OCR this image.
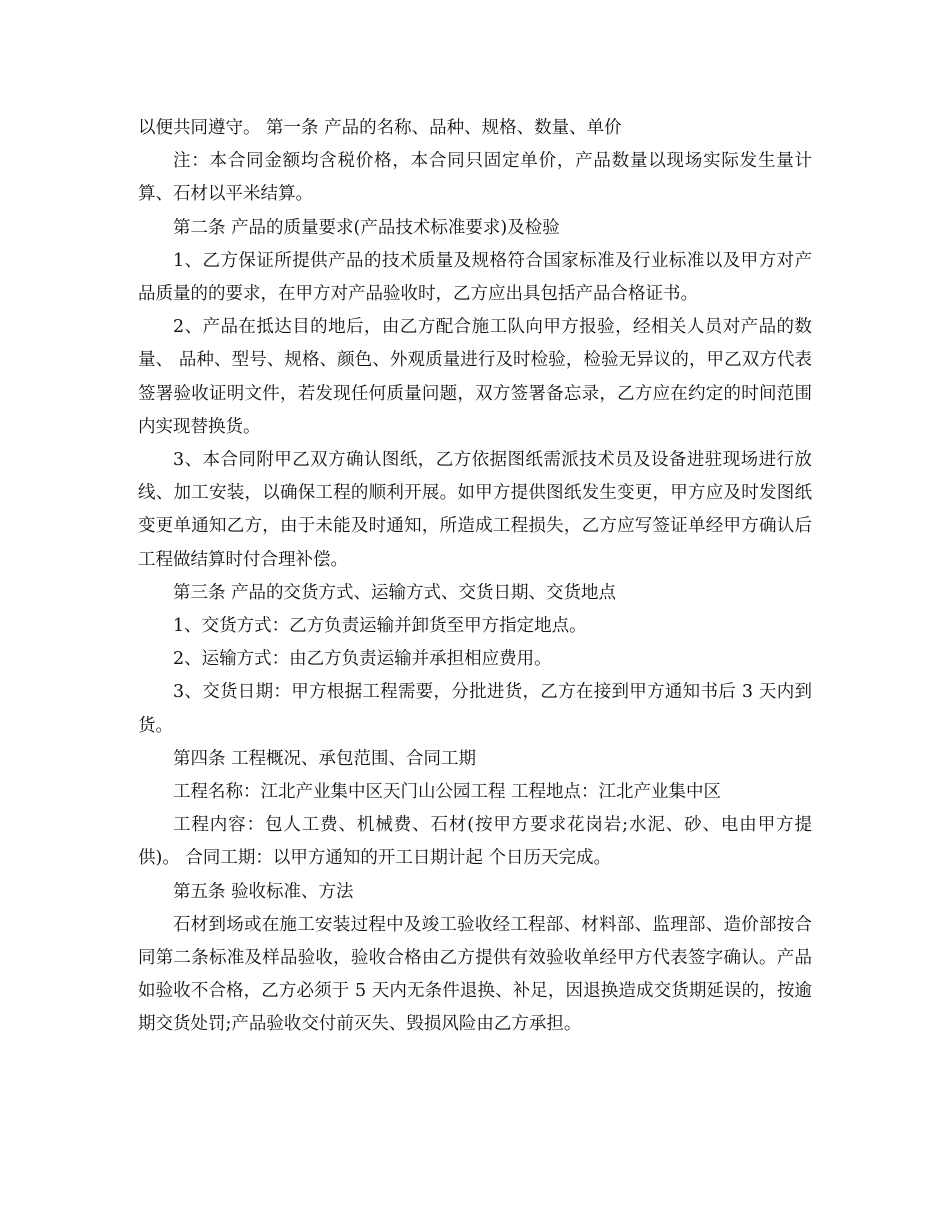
以便共同遵守。 第一条 产品的名称、品种、规格、数量、单价

注：本合同金额均含税价格，本合同只固定单价，产品数量以现场实际发生量计算、石材以平米结算。

第二条 产品的质量要求(产品技术标准要求)及检验

1、乙方保证所提供产品的技术质量及规格符合国家标准及行业标准以及甲方对产品质量的的要求，在甲方对产品验收时，乙方应出具包括产品合格证书。

2、产品在抵达目的地后，由乙方配合施工队向甲方报验，经相关人员对产品的数量、 品种、型号、规格、颜色、外观质量进行及时检验，检验无异议的，甲乙双方代表签署验收证明文件，若发现任何质量问题，双方签署备忘录，乙方应在约定的时间范围内实现替换货。

3、本合同附甲乙双方确认图纸，乙方依据图纸需派技术员及设备进驻现场进行放线、加工安装，以确保工程的顺利开展。如甲方提供图纸发生变更，甲方应及时发图纸变更单通知乙方，由于未能及时通知，所造成工程损失，乙方应写签证单经甲方确认后工程做结算时付合理补偿。

第三条 产品的交货方式、运输方式、交货日期、交货地点

1、交货方式：乙方负责运输并卸货至甲方指定地点。

2、运输方式：由乙方负责运输并承担相应费用。

3、交货日期：甲方根据工程需要，分批进货，乙方在接到甲方通知书后 3 天内到货。

第四条 工程概况、承包范围、合同工期

工程名称：江北产业集中区天门山公园工程 工程地点：江北产业集中区

工程内容：包人工费、机械费、石材(按甲方要求花岗岩;水泥、砂、电由甲方提供)。 合同工期：以甲方通知的开工日期计起 个日历天完成。

第五条 验收标准、方法

石材到场或在施工安装过程中及竣工验收经工程部、材料部、监理部、造价部按合同第二条标准及样品验收，验收合格由乙方提供有效验收单经甲方代表签字确认。产品如验收不合格，乙方必须于 5 天内无条件退换、补足，因退换造成交货期延误的，按逾期交货处罚;产品验收交付前灭失、毁损风险由乙方承担。
